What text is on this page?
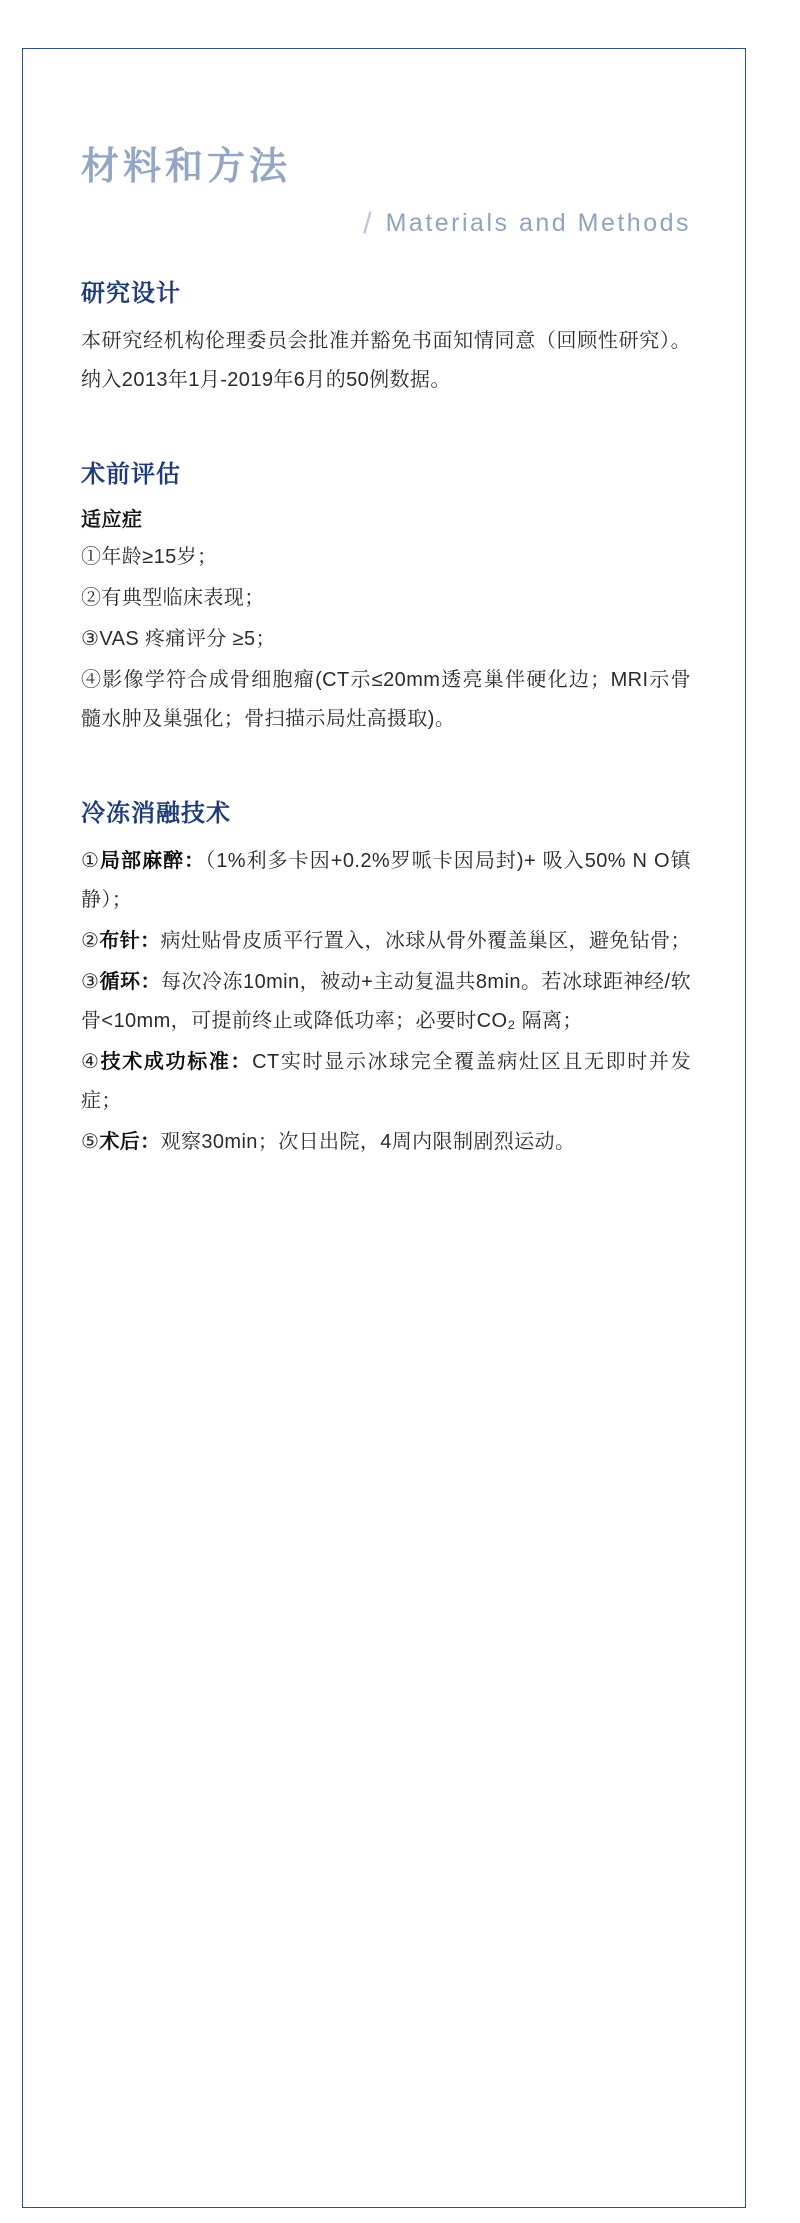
材料和方法
/ Materials and Methods
研究设计

本研究经机构伦理委员会批准并豁免书面知情同意（回顾性研究）。纳入2013年1月-2019年6月的50例数据。

术前评估
适应症

①年龄≥15岁；

②有典型临床表现；

③VAS 疼痛评分 ≥5；

④影像学符合成骨细胞瘤(CT示≤20mm透亮巢伴硬化边；MRI示骨髓水肿及巢强化；骨扫描示局灶高摄取)。

冷冻消融技术

①局部麻醉：（1%利多卡因+0.2%罗哌卡因局封)+ 吸入50% N O镇静）；

②布针：病灶贴骨皮质平行置入，冰球从骨外覆盖巢区，避免钻骨；

③循环：每次冷冻10min，被动+主动复温共8min。若冰球距神经/软骨<10mm，可提前终止或降低功率；必要时CO₂ 隔离；

④技术成功标准：CT实时显示冰球完全覆盖病灶区且无即时并发症；

⑤术后：观察30min；次日出院，4周内限制剧烈运动。
